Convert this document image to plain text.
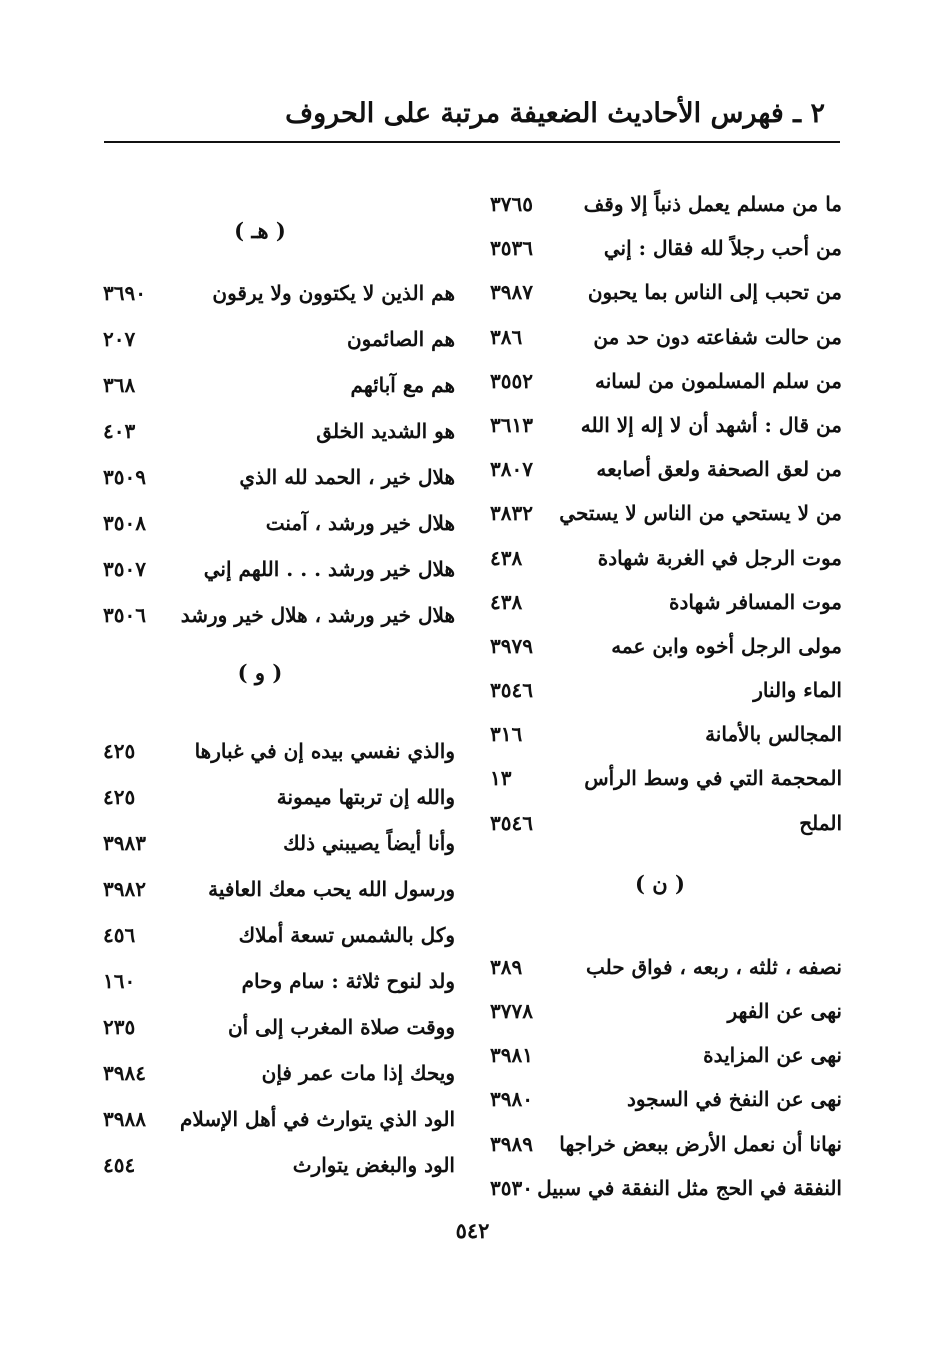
٢ ـ فهرس الأحاديث الضعيفة مرتبة على الحروف
ما من مسلم يعمل ذنباً إلا وقف
٣٧٦٥
من أحب رجلاً لله فقال : إني
٣٥٣٦
من تحبب إلى الناس بما يحبون
٣٩٨٧
من حالت شفاعته دون حد من
٣٨٦
من سلم المسلمون من لسانه
٣٥٥٢
من قال : أشهد أن لا إله إلا الله
٣٦١٣
من لعق الصحفة ولعق أصابعه
٣٨٠٧
من لا يستحي من الناس لا يستحي
٣٨٣٢
موت الرجل في الغربة شهادة
٤٣٨
موت المسافر شهادة
٤٣٨
مولى الرجل أخوه وابن عمه
٣٩٧٩
الماء والنار
٣٥٤٦
المجالس بالأمانة
٣١٦
المحجمة التي في وسط الرأس
١٣
الملح
٣٥٤٦
( ن )
نصفه ، ثلثه ، ربعه ، فواق حلب
٣٨٩
نهى عن الفهر
٣٧٧٨
نهى عن المزايدة
٣٩٨١
نهى عن النفخ في السجود
٣٩٨٠
نهانا أن نعمل الأرض ببعض خراجها
٣٩٨٩
النفقة في الحج مثل النفقة في سبيل
٣٥٣٠
( هـ )
هم الذين لا يكتوون ولا يرقون
٣٦٩٠
هم الصائمون
٢٠٧
هم مع آبائهم
٣٦٨
هو الشديد الخلق
٤٠٣
هلال خير ، الحمد لله الذي
٣٥٠٩
هلال خير ورشد ، آمنت
٣٥٠٨
هلال خير ورشد . . . اللهم إني
٣٥٠٧
هلال خير ورشد ، هلال خير ورشد
٣٥٠٦
( و )
والذي نفسي بيده إن في غبارها
٤٢٥
والله إن تربتها ميمونة
٤٢٥
وأنا أيضاً يصيبني ذلك
٣٩٨٣
ورسول الله يحب معك العافية
٣٩٨٢
وكل بالشمس تسعة أملاك
٤٥٦
ولد لنوح ثلاثة : سام وحام
١٦٠
ووقت صلاة المغرب إلى أن
٢٣٥
ويحك إذا مات عمر فإن
٣٩٨٤
الود الذي يتوارث في أهل الإسلام
٣٩٨٨
الود والبغض يتوارث
٤٥٤
٥٤٢
